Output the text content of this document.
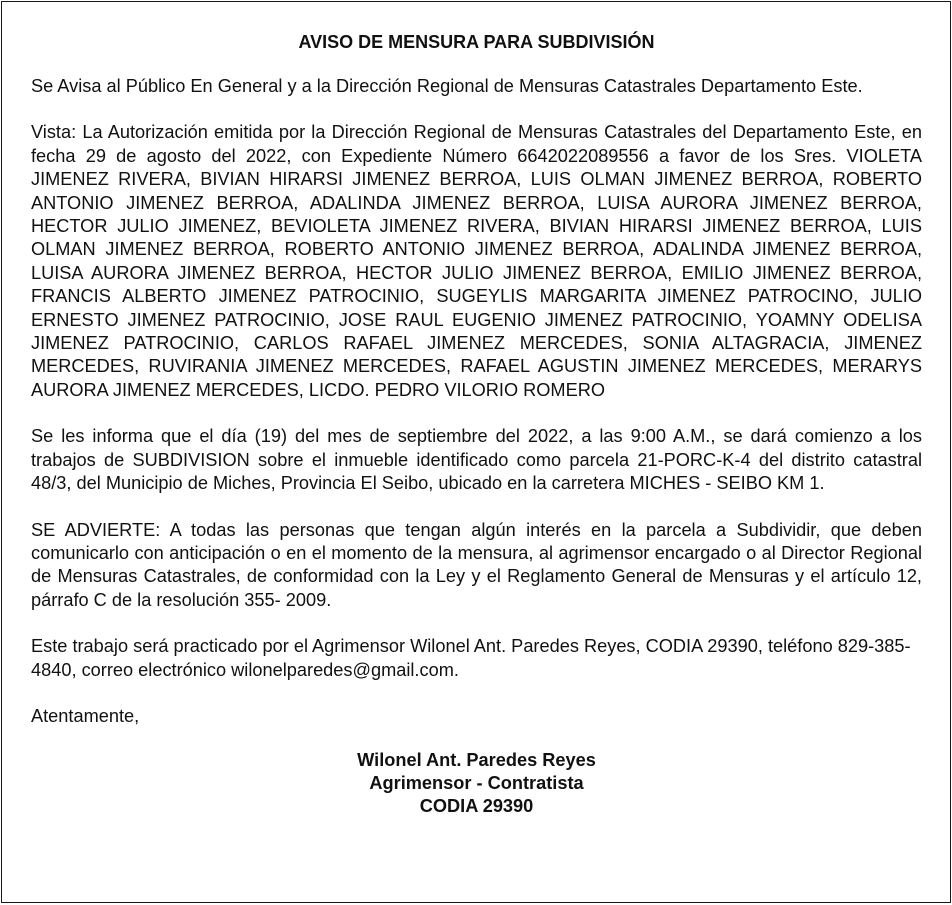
AVISO DE MENSURA PARA SUBDIVISIÓN

Se Avisa al Público En General y a la Dirección Regional de Mensuras Catastrales Departamento Este.

Vista: La Autorización emitida por la Dirección Regional de Mensuras Catastrales del Departamento Este, en fecha 29 de agosto del 2022, con Expediente Número 6642022089556 a favor de los Sres. VIOLETA JIMENEZ RIVERA, BIVIAN HIRARSI JIMENEZ BERROA, LUIS OLMAN JIMENEZ BERROA, ROBERTO ANTONIO JIMENEZ BERROA, ADALINDA JIMENEZ BERROA, LUISA AURORA JIMENEZ BERROA, HECTOR JULIO JIMENEZ, BEVIOLETA JIMENEZ RIVERA, BIVIAN HIRARSI JIMENEZ BERROA, LUIS OLMAN JIMENEZ BERROA, ROBERTO ANTONIO JIMENEZ BERROA, ADALINDA JIMENEZ BERROA, LUISA AURORA JIMENEZ BERROA, HECTOR JULIO JIMENEZ BERROA, EMILIO JIMENEZ BERROA, FRANCIS ALBERTO JIMENEZ PATROCINIO, SUGEYLIS MARGARITA JIMENEZ PATROCINO, JULIO ERNESTO JIMENEZ PATROCINIO, JOSE RAUL EUGENIO JIMENEZ PATROCINIO, YOAMNY ODELISA JIMENEZ PATROCINIO, CARLOS RAFAEL JIMENEZ MERCEDES, SONIA ALTAGRACIA, JIMENEZ MERCEDES, RUVIRANIA JIMENEZ MERCEDES, RAFAEL AGUSTIN JIMENEZ MERCEDES, MERARYS AURORA JIMENEZ MERCEDES, LICDO. PEDRO VILORIO ROMERO

Se les informa que el día (19) del mes de septiembre del 2022, a las 9:00 A.M., se dará comienzo a los trabajos de SUBDIVISION sobre el inmueble identificado como parcela 21-PORC-K-4 del distrito catastral 48/3, del Municipio de Miches, Provincia El Seibo, ubicado en la carretera MICHES - SEIBO KM 1.

SE ADVIERTE: A todas las personas que tengan algún interés en la parcela a Subdividir, que deben comunicarlo con anticipación o en el momento de la mensura, al agrimensor encargado o al Director Regional de Mensuras Catastrales, de conformidad con la Ley y el Reglamento General de Mensuras y el artículo 12, párrafo C de la resolución 355- 2009.

Este trabajo será practicado por el Agrimensor Wilonel Ant. Paredes Reyes, CODIA 29390, teléfono 829-385-4840, correo electrónico wilonelparedes@gmail.com.

Atentamente,
Wilonel Ant. Paredes Reyes
Agrimensor - Contratista
CODIA 29390
